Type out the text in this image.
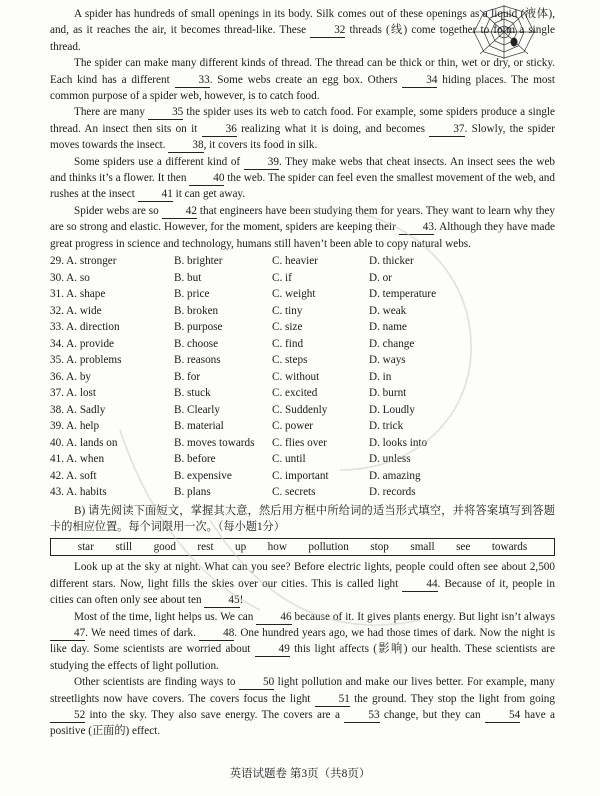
A spider has hundreds of small openings in its body. Silk comes out of these openings as a liquid (液体), and, as it reaches the air, it becomes thread-like. These 32 threads (线) come together to form a single thread.

The spider can make many different kinds of thread. The thread can be thick or thin, wet or dry, or sticky. Each kind has a different 33. Some webs create an egg box. Others 34 hiding places. The most common purpose of a spider web, however, is to catch food.

There are many 35 the spider uses its web to catch food. For example, some spiders produce a single thread. An insect then sits on it 36 realizing what it is doing, and becomes 37. Slowly, the spider moves towards the insect. 38, it covers its food in silk.

Some spiders use a different kind of 39. They make webs that cheat insects. An insect sees the web and thinks it’s a flower. It then 40 the web. The spider can feel even the smallest movement of the web, and rushes at the insect 41 it can get away.

Spider webs are so 42 that engineers have been studying them for years. They want to learn why they are so strong and elastic. However, for the moment, spiders are keeping their 43. Although they have made great progress in science and technology, humans still haven’t been able to copy natural webs.

29. A. stronger	B. brighter	C. heavier	D. thicker
30. A. so	B. but	C. if	D. or
31. A. shape	B. price	C. weight	D. temperature
32. A. wide	B. broken	C. tiny	D. weak
33. A. direction	B. purpose	C. size	D. name
34. A. provide	B. choose	C. find	D. change
35. A. problems	B. reasons	C. steps	D. ways
36. A. by	B. for	C. without	D. in
37. A. lost	B. stuck	C. excited	D. burnt
38. A. Sadly	B. Clearly	C. Suddenly	D. Loudly
39. A. help	B. material	C. power	D. trick
40. A. lands on	B. moves towards	C. flies over	D. looks into
41. A. when	B. before	C. until	D. unless
42. A. soft	B. expensive	C. important	D. amazing
43. A. habits	B. plans	C. secrets	D. records

B) 请先阅读下面短文，掌握其大意，然后用方框中所给词的适当形式填空，并将答案填写到答题卡的相应位置。每个词限用一次。（每小题1分）

star still good rest up how pollution stop small see towards

Look up at the sky at night. What can you see? Before electric lights, people could often see about 2,500 different stars. Now, light fills the skies over our cities. This is called light 44. Because of it, people in cities can often only see about ten 45!

Most of the time, light helps us. We can 46 because of it. It gives plants energy. But light isn’t always 47. We need times of dark. 48. One hundred years ago, we had those times of dark. Now the night is like day. Some scientists are worried about 49 this light affects (影响) our health. These scientists are studying the effects of light pollution.

Other scientists are finding ways to 50 light pollution and make our lives better. For example, many streetlights now have covers. The covers focus the light 51 the ground. They stop the light from going 52 into the sky. They also save energy. The covers are a 53 change, but they can 54 have a positive (正面的) effect.

英语试题卷 第3页（共8页）
